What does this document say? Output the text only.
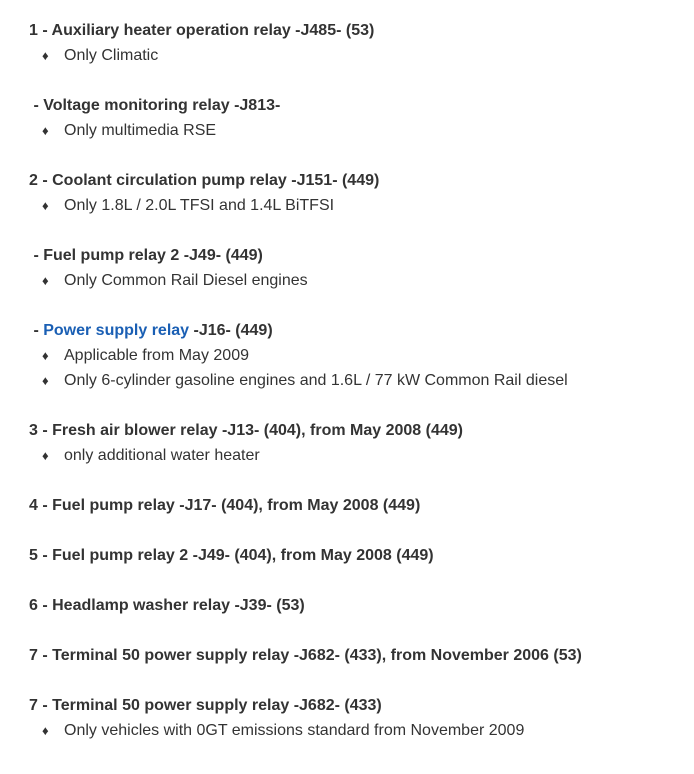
1 - Auxiliary heater operation relay -J485- (53)
♦ Only Climatic
- Voltage monitoring relay -J813-
♦ Only multimedia RSE
2 - Coolant circulation pump relay -J151- (449)
♦ Only 1.8L / 2.0L TFSI and 1.4L BiTFSI
- Fuel pump relay 2 -J49- (449)
♦ Only Common Rail Diesel engines
- Power supply relay -J16- (449)
♦ Applicable from May 2009
♦ Only 6-cylinder gasoline engines and 1.6L / 77 kW Common Rail diesel
3 - Fresh air blower relay -J13- (404), from May 2008 (449)
♦ only additional water heater
4 - Fuel pump relay -J17- (404), from May 2008 (449)
5 - Fuel pump relay 2 -J49- (404), from May 2008 (449)
6 - Headlamp washer relay -J39- (53)
7 - Terminal 50 power supply relay -J682- (433), from November 2006 (53)
7 - Terminal 50 power supply relay -J682- (433)
♦ Only vehicles with 0GT emissions standard from November 2009
